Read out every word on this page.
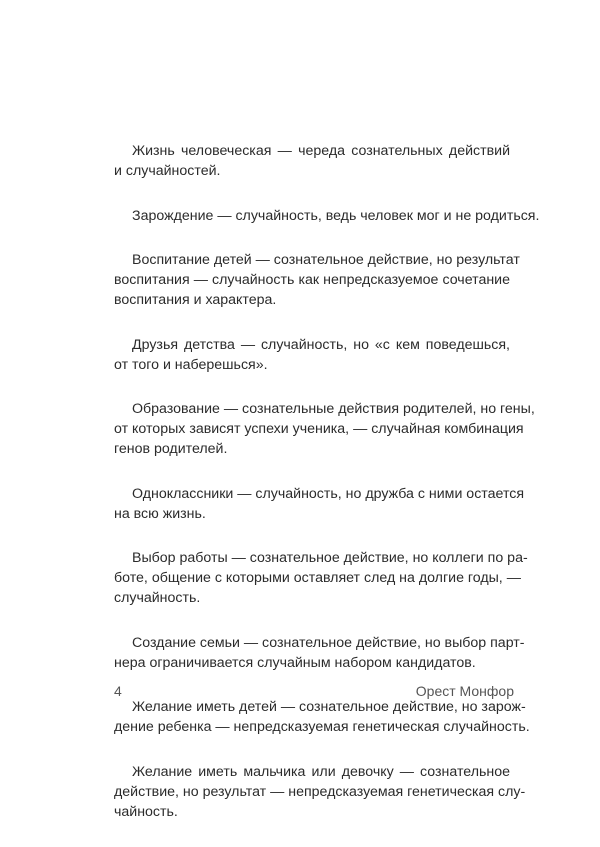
Жизнь человеческая — череда сознательных действий
и случайностей.

Зарождение — случайность, ведь человек мог и не родиться.

Воспитание детей — сознательное действие, но результат
воспитания — случайность как непредсказуемое сочетание
воспитания и характера.

Друзья детства — случайность, но «с кем поведешься,
от того и наберешься».

Образование — сознательные действия родителей, но гены,
от которых зависят успехи ученика, — случайная комбинация
генов родителей.

Одноклассники — случайность, но дружба с ними остается
на всю жизнь.

Выбор работы — сознательное действие, но коллеги по ра-
боте, общение с которыми оставляет след на долгие годы, —
случайность.

Создание семьи — сознательное действие, но выбор парт-
нера ограничивается случайным набором кандидатов.

Желание иметь детей — сознательное действие, но зарож-
дение ребенка — непредсказуемая генетическая случайность.

Желание иметь мальчика или девочку — сознательное
действие, но результат — непредсказуемая генетическая слу-
чайность.

4	Орест Монфор
